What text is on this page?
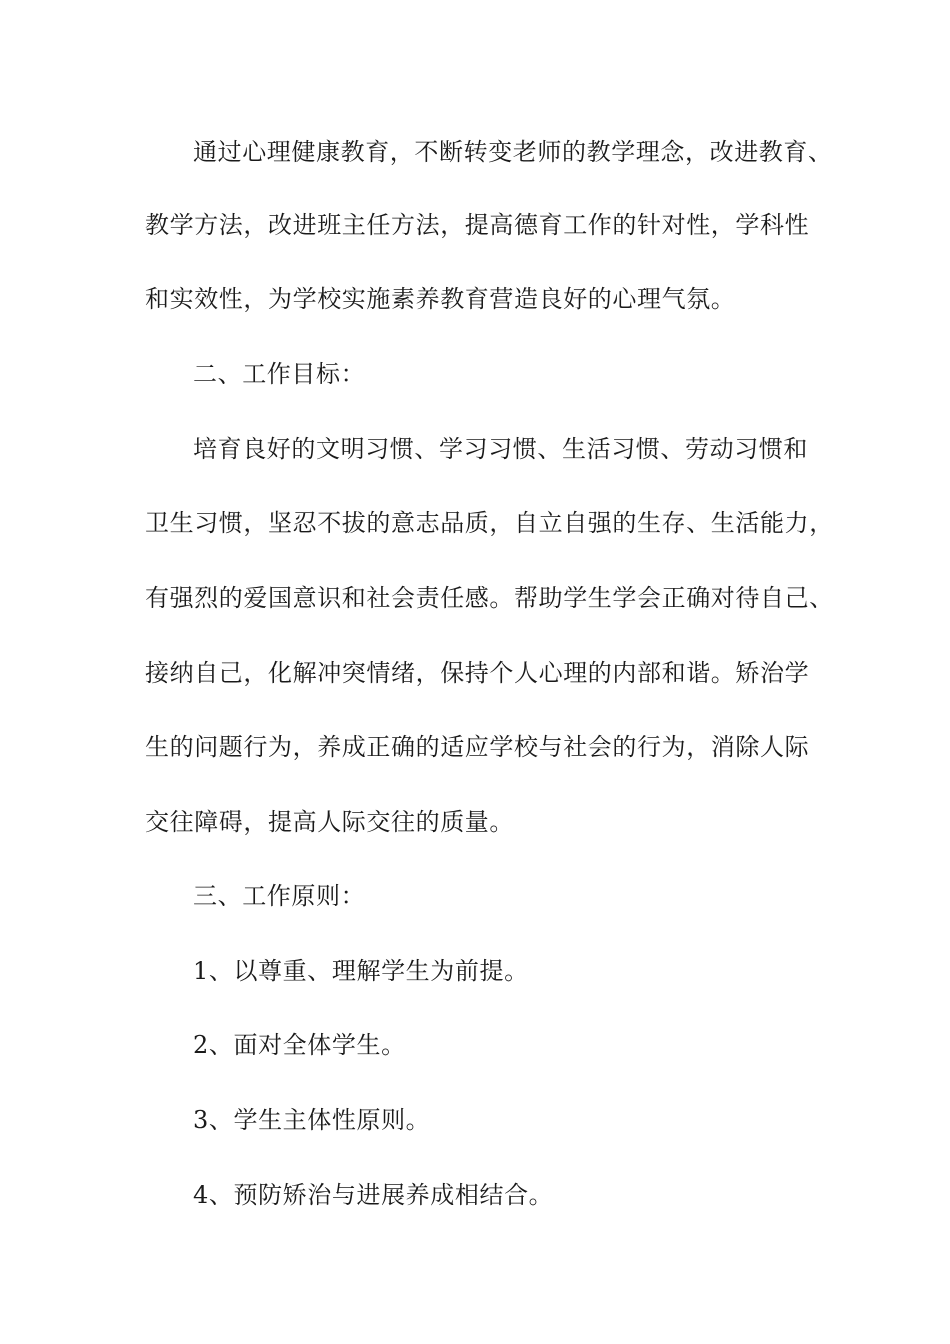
通过心理健康教育，不断转变老师的教学理念，改进教育、
教学方法，改进班主任方法，提高德育工作的针对性，学科性
和实效性，为学校实施素养教育营造良好的心理气氛。
二、工作目标：
培育良好的文明习惯、学习习惯、生活习惯、劳动习惯和
卫生习惯，坚忍不拔的意志品质，自立自强的生存、生活能力，
有强烈的爱国意识和社会责任感。帮助学生学会正确对待自己、
接纳自己，化解冲突情绪，保持个人心理的内部和谐。矫治学
生的问题行为，养成正确的适应学校与社会的行为，消除人际
交往障碍，提高人际交往的质量。
三、工作原则：
1、以尊重、理解学生为前提。
2、面对全体学生。
3、学生主体性原则。
4、预防矫治与进展养成相结合。
